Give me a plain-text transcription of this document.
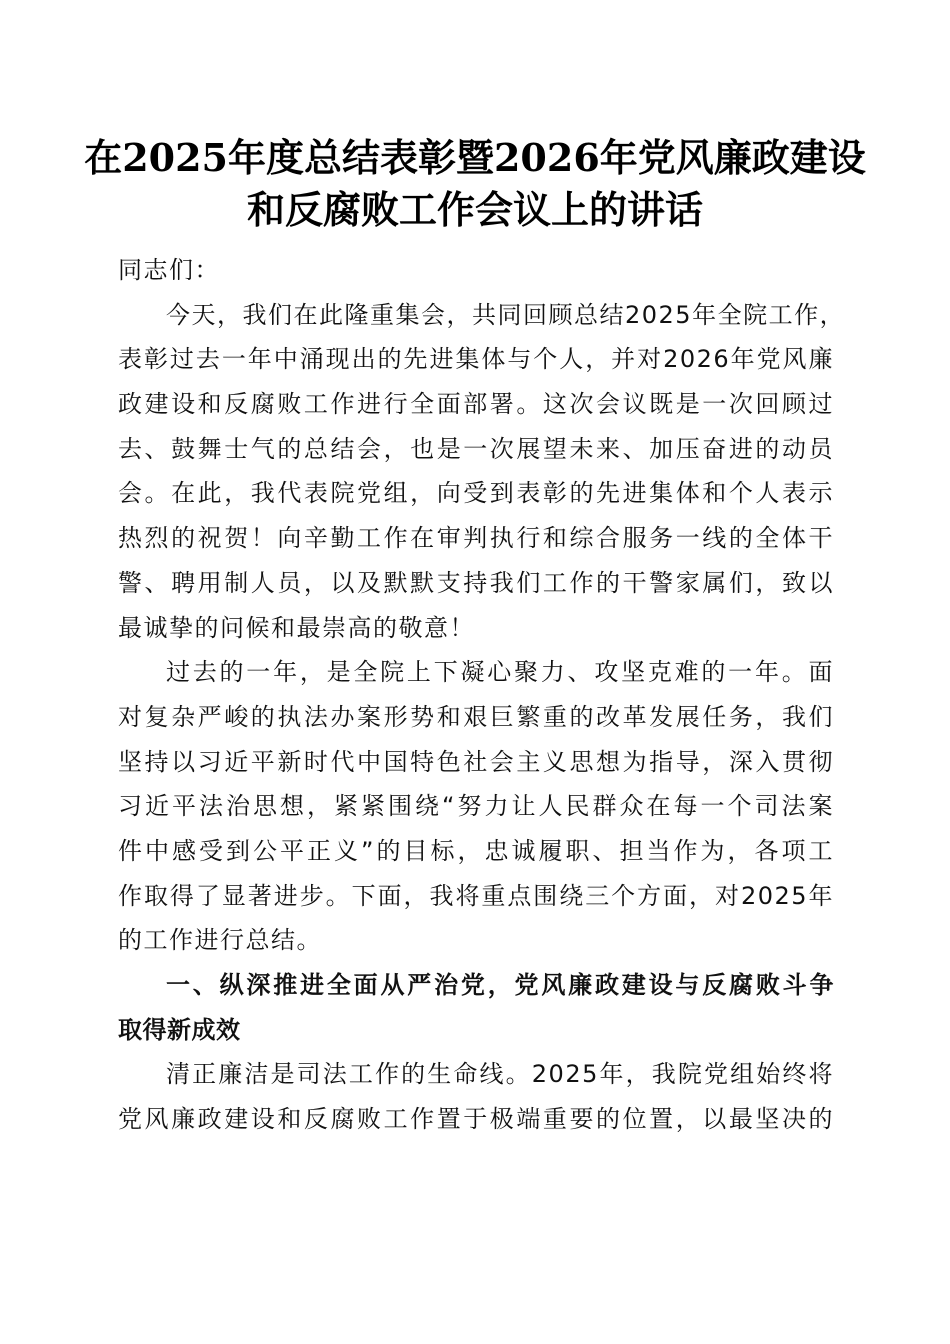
在2025年度总结表彰暨2026年党风廉政建设
和反腐败工作会议上的讲话
同志们：
今天，我们在此隆重集会，共同回顾总结2025年全院工作，
表彰过去一年中涌现出的先进集体与个人，并对2026年党风廉
政建设和反腐败工作进行全面部署。这次会议既是一次回顾过
去、鼓舞士气的总结会，也是一次展望未来、加压奋进的动员
会。在此，我代表院党组，向受到表彰的先进集体和个人表示
热烈的祝贺！向辛勤工作在审判执行和综合服务一线的全体干
警、聘用制人员，以及默默支持我们工作的干警家属们，致以
最诚挚的问候和最崇高的敬意！
过去的一年，是全院上下凝心聚力、攻坚克难的一年。面
对复杂严峻的执法办案形势和艰巨繁重的改革发展任务，我们
坚持以习近平新时代中国特色社会主义思想为指导，深入贯彻
习近平法治思想，紧紧围绕“努力让人民群众在每一个司法案
件中感受到公平正义”的目标，忠诚履职、担当作为，各项工
作取得了显著进步。下面，我将重点围绕三个方面，对2025年
的工作进行总结。
一、纵深推进全面从严治党，党风廉政建设与反腐败斗争
取得新成效
清正廉洁是司法工作的生命线。2025年，我院党组始终将
党风廉政建设和反腐败工作置于极端重要的位置，以最坚决的
